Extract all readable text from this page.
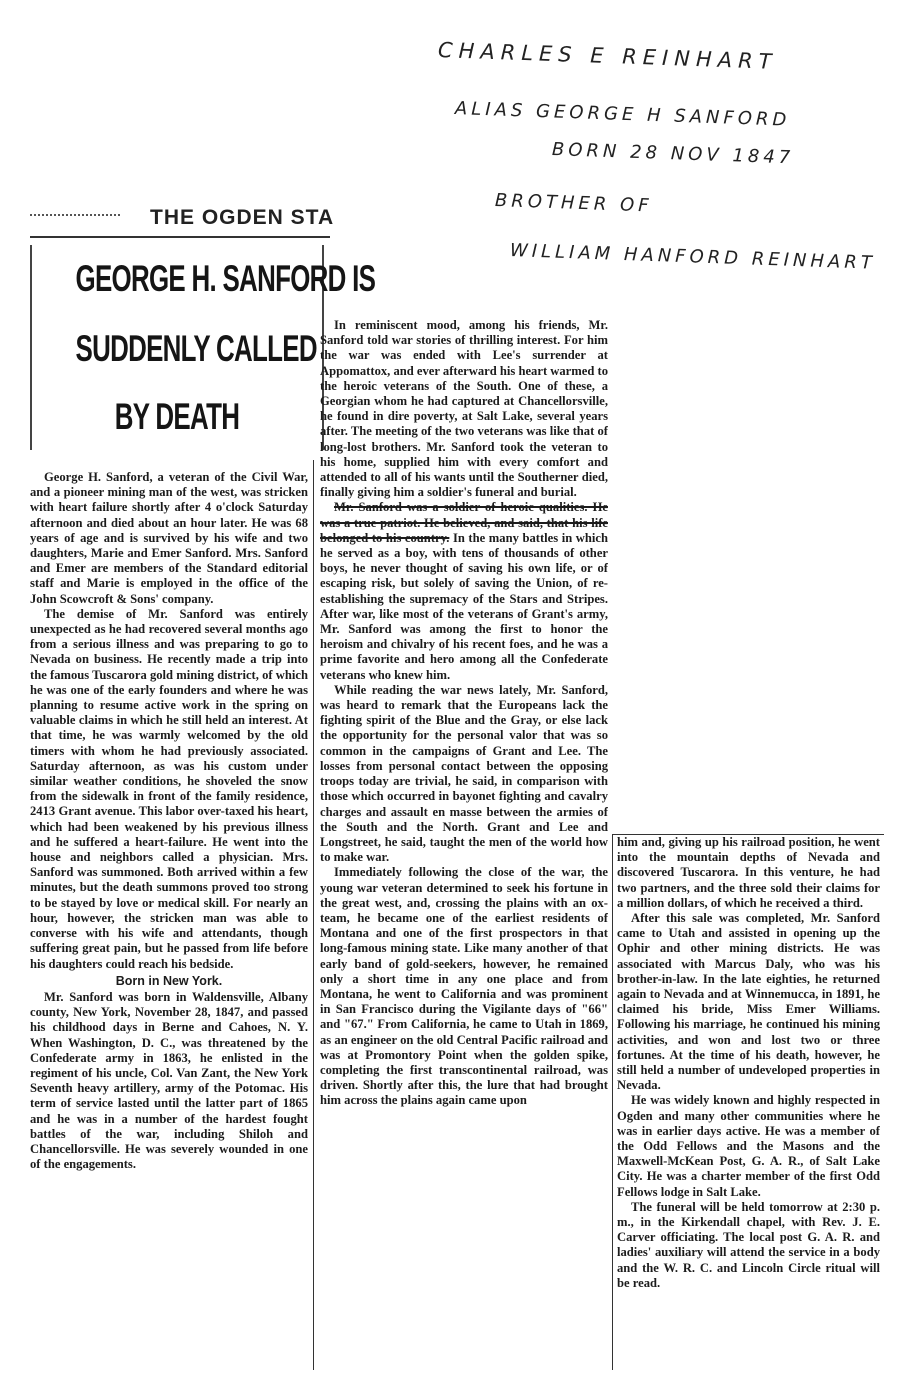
CHARLES E REINHART
ALIAS GEORGE H SANFORD
BORN 28 NOV 1847
BROTHER OF
WILLIAM HANFORD REINHART
THE OGDEN STA
GEORGE H. SANFORD IS
SUDDENLY CALLED
BY DEATH

George H. Sanford, a veteran of the Civil War, and a pioneer mining man of the west, was stricken with heart failure shortly after 4 o'clock Saturday afternoon and died about an hour later. He was 68 years of age and is survived by his wife and two daughters, Marie and Emer Sanford. Mrs. Sanford and Emer are members of the Standard editorial staff and Marie is employed in the office of the John Scowcroft & Sons' company.

The demise of Mr. Sanford was entirely unexpected as he had recovered several months ago from a serious illness and was preparing to go to Nevada on business. He recently made a trip into the famous Tuscarora gold mining district, of which he was one of the early founders and where he was planning to resume active work in the spring on valuable claims in which he still held an interest. At that time, he was warmly welcomed by the old timers with whom he had previously associated. Saturday afternoon, as was his custom under similar weather conditions, he shoveled the snow from the sidewalk in front of the family residence, 2413 Grant avenue. This labor over-taxed his heart, which had been weakened by his previous illness and he suffered a heart-failure. He went into the house and neighbors called a physician. Mrs. Sanford was summoned. Both arrived within a few minutes, but the death summons proved too strong to be stayed by love or medical skill. For nearly an hour, however, the stricken man was able to converse with his wife and attendants, though suffering great pain, but he passed from life before his daughters could reach his bedside.

Born in New York.

Mr. Sanford was born in Waldensville, Albany county, New York, November 28, 1847, and passed his childhood days in Berne and Cahoes, N. Y. When Washington, D. C., was threatened by the Confederate army in 1863, he enlisted in the regiment of his uncle, Col. Van Zant, the New York Seventh heavy artillery, army of the Potomac. His term of service lasted until the latter part of 1865 and he was in a number of the hardest fought battles of the war, including Shiloh and Chancellorsville. He was severely wounded in one of the engagements.

In reminiscent mood, among his friends, Mr. Sanford told war stories of thrilling interest. For him the war was ended with Lee's surrender at Appomattox, and ever afterward his heart warmed to the heroic veterans of the South. One of these, a Georgian whom he had captured at Chancellorsville, he found in dire poverty, at Salt Lake, several years after. The meeting of the two veterans was like that of long-lost brothers. Mr. Sanford took the veteran to his home, supplied him with every comfort and attended to all of his wants until the Southerner died, finally giving him a soldier's funeral and burial.

Mr. Sanford was a soldier of heroic qualities. He was a true patriot. He believed, and said, that his life belonged to his country. In the many battles in which he served as a boy, with tens of thousands of other boys, he never thought of saving his own life, or of escaping risk, but solely of saving the Union, of re-establishing the supremacy of the Stars and Stripes. After war, like most of the veterans of Grant's army, Mr. Sanford was among the first to honor the heroism and chivalry of his recent foes, and he was a prime favorite and hero among all the Confederate veterans who knew him.

While reading the war news lately, Mr. Sanford, was heard to remark that the Europeans lack the fighting spirit of the Blue and the Gray, or else lack the opportunity for the personal valor that was so common in the campaigns of Grant and Lee. The losses from personal contact between the opposing troops today are trivial, he said, in comparison with those which occurred in bayonet fighting and cavalry charges and assault en masse between the armies of the South and the North. Grant and Lee and Longstreet, he said, taught the men of the world how to make war.

Immediately following the close of the war, the young war veteran determined to seek his fortune in the great west, and, crossing the plains with an ox-team, he became one of the earliest residents of Montana and one of the first prospectors in that long-famous mining state. Like many another of that early band of gold-seekers, however, he remained only a short time in any one place and from Montana, he went to California and was prominent in San Francisco during the Vigilante days of "66" and "67." From California, he came to Utah in 1869, as an engineer on the old Central Pacific railroad and was at Promontory Point when the golden spike, completing the first transcontinental railroad, was driven. Shortly after this, the lure that had brought him across the plains again came upon

him and, giving up his railroad position, he went into the mountain depths of Nevada and discovered Tuscarora. In this venture, he had two partners, and the three sold their claims for a million dollars, of which he received a third.

After this sale was completed, Mr. Sanford came to Utah and assisted in opening up the Ophir and other mining districts. He was associated with Marcus Daly, who was his brother-in-law. In the late eighties, he returned again to Nevada and at Winnemucca, in 1891, he claimed his bride, Miss Emer Williams. Following his marriage, he continued his mining activities, and won and lost two or three fortunes. At the time of his death, however, he still held a number of undeveloped properties in Nevada.

He was widely known and highly respected in Ogden and many other communities where he was in earlier days active. He was a member of the Odd Fellows and the Masons and the Maxwell-McKean Post, G. A. R., of Salt Lake City. He was a charter member of the first Odd Fellows lodge in Salt Lake.

The funeral will be held tomorrow at 2:30 p. m., in the Kirkendall chapel, with Rev. J. E. Carver officiating. The local post G. A. R. and ladies' auxiliary will attend the service in a body and the W. R. C. and Lincoln Circle ritual will be read.
